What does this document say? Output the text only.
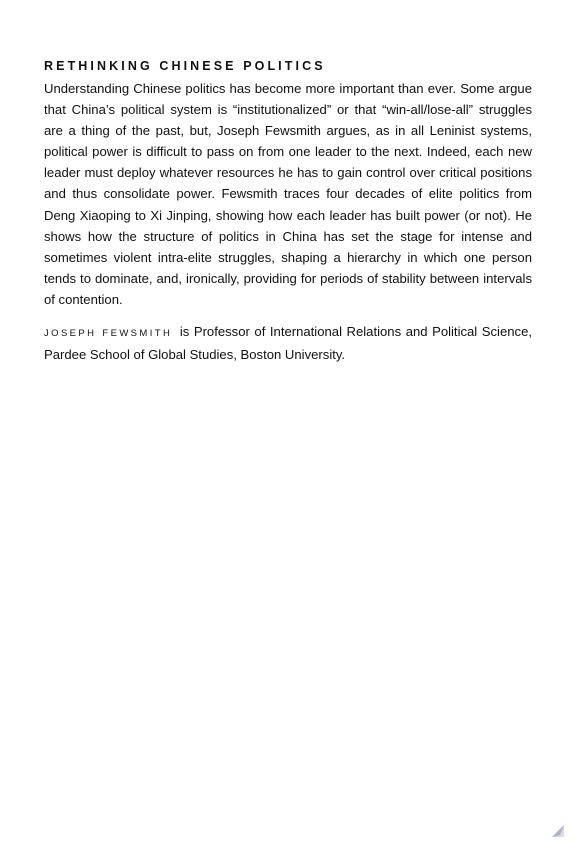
RETHINKING CHINESE POLITICS

Understanding Chinese politics has become more important than ever. Some argue that China’s political system is “institutionalized” or that “win-all/lose-all” struggles are a thing of the past, but, Joseph Fewsmith argues, as in all Leninist systems, political power is difficult to pass on from one leader to the next. Indeed, each new leader must deploy whatever resources he has to gain control over critical positions and thus consolidate power. Fewsmith traces four decades of elite politics from Deng Xiaoping to Xi Jinping, showing how each leader has built power (or not). He shows how the structure of politics in China has set the stage for intense and sometimes violent intra-elite struggles, shaping a hierarchy in which one person tends to dominate, and, ironically, providing for periods of stability between intervals of contention.

JOSEPH FEWSMITH is Professor of International Relations and Political Science, Pardee School of Global Studies, Boston University.
